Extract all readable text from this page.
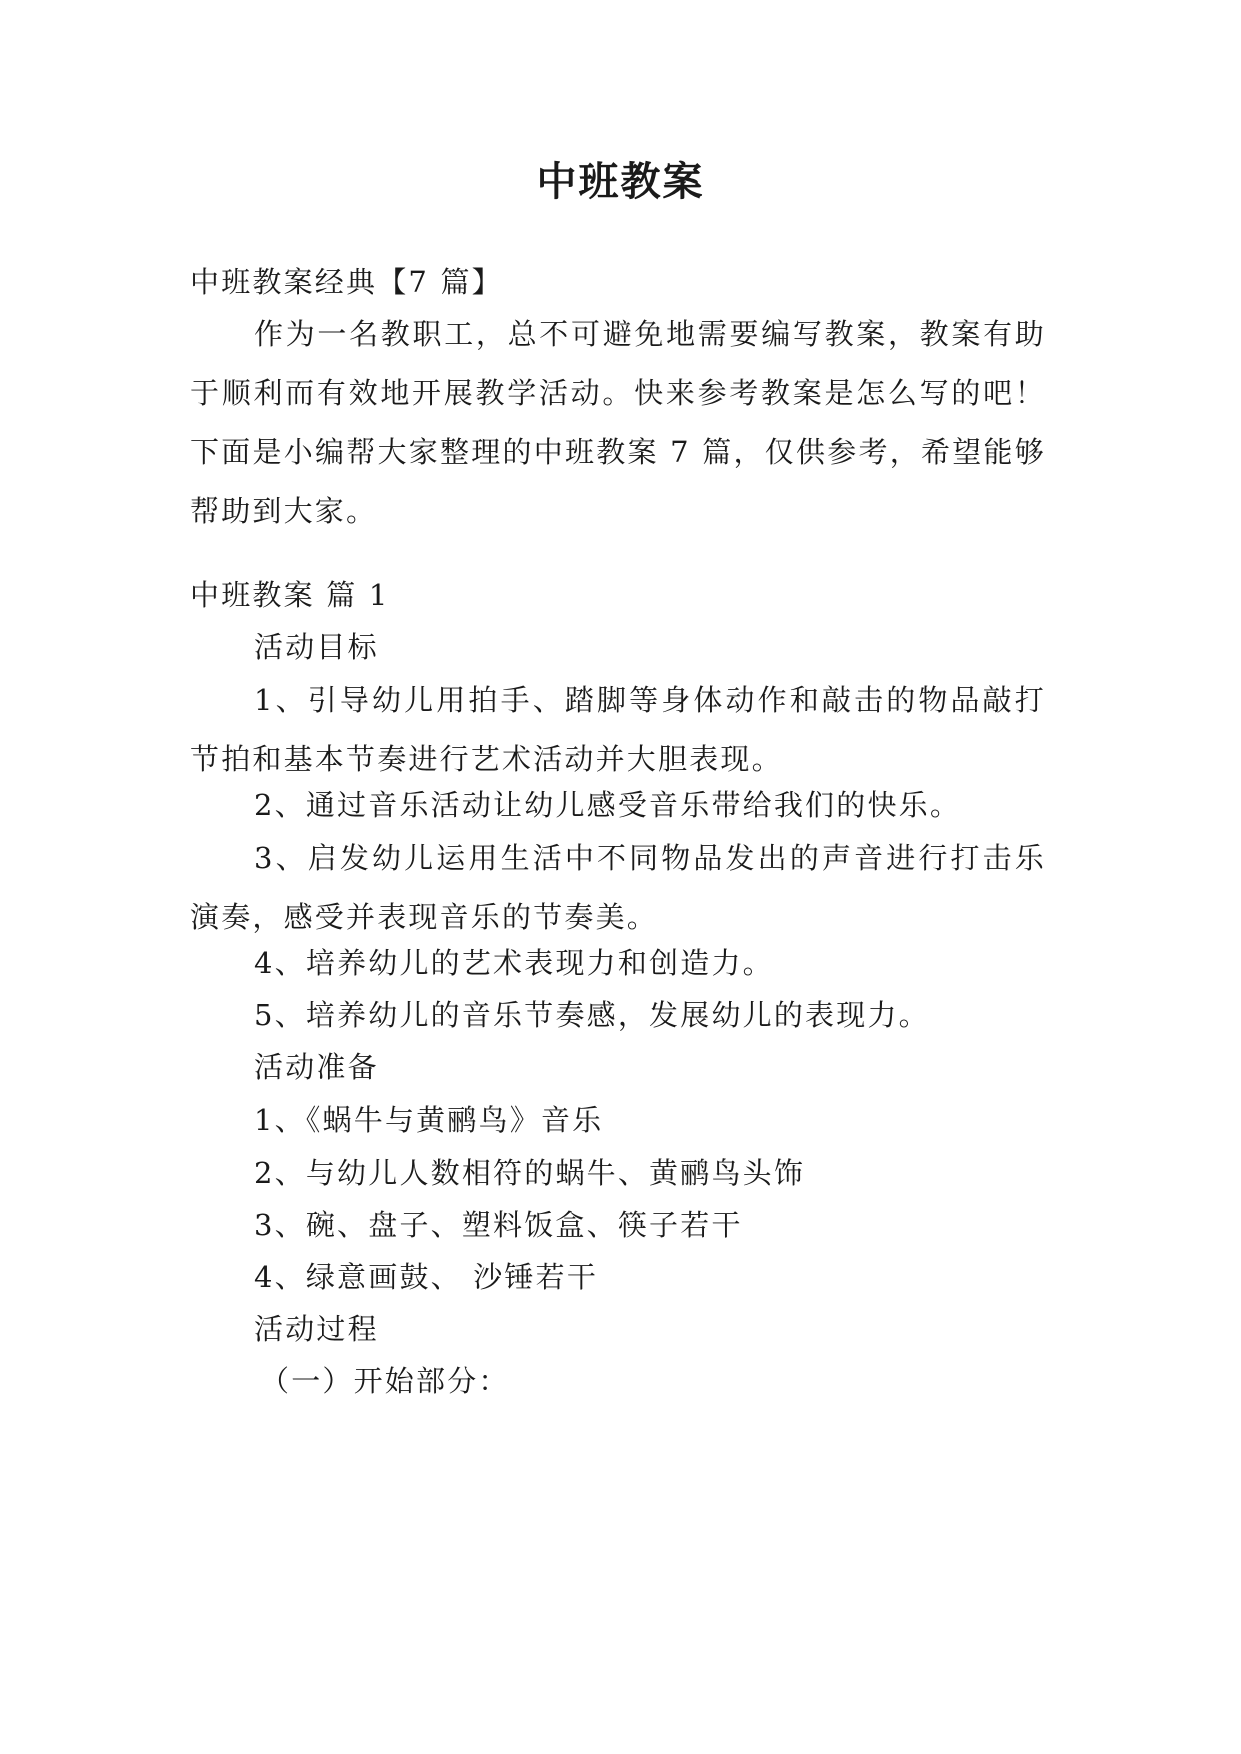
中班教案

中班教案经典【7 篇】

作为一名教职工，总不可避免地需要编写教案，教案有助于顺利而有效地开展教学活动。快来参考教案是怎么写的吧！下面是小编帮大家整理的中班教案 7 篇，仅供参考，希望能够帮助到大家。

中班教案 篇 1

活动目标

1、引导幼儿用拍手、踏脚等身体动作和敲击的物品敲打节拍和基本节奏进行艺术活动并大胆表现。

2、通过音乐活动让幼儿感受音乐带给我们的快乐。

3、启发幼儿运用生活中不同物品发出的声音进行打击乐演奏，感受并表现音乐的节奏美。

4、培养幼儿的艺术表现力和创造力。

5、培养幼儿的音乐节奏感，发展幼儿的表现力。

活动准备

1、《蜗牛与黄鹂鸟》音乐

2、与幼儿人数相符的蜗牛、黄鹂鸟头饰

3、碗、盘子、塑料饭盒、筷子若干

4、绿意画鼓、 沙锤若干

活动过程

（一）开始部分：
